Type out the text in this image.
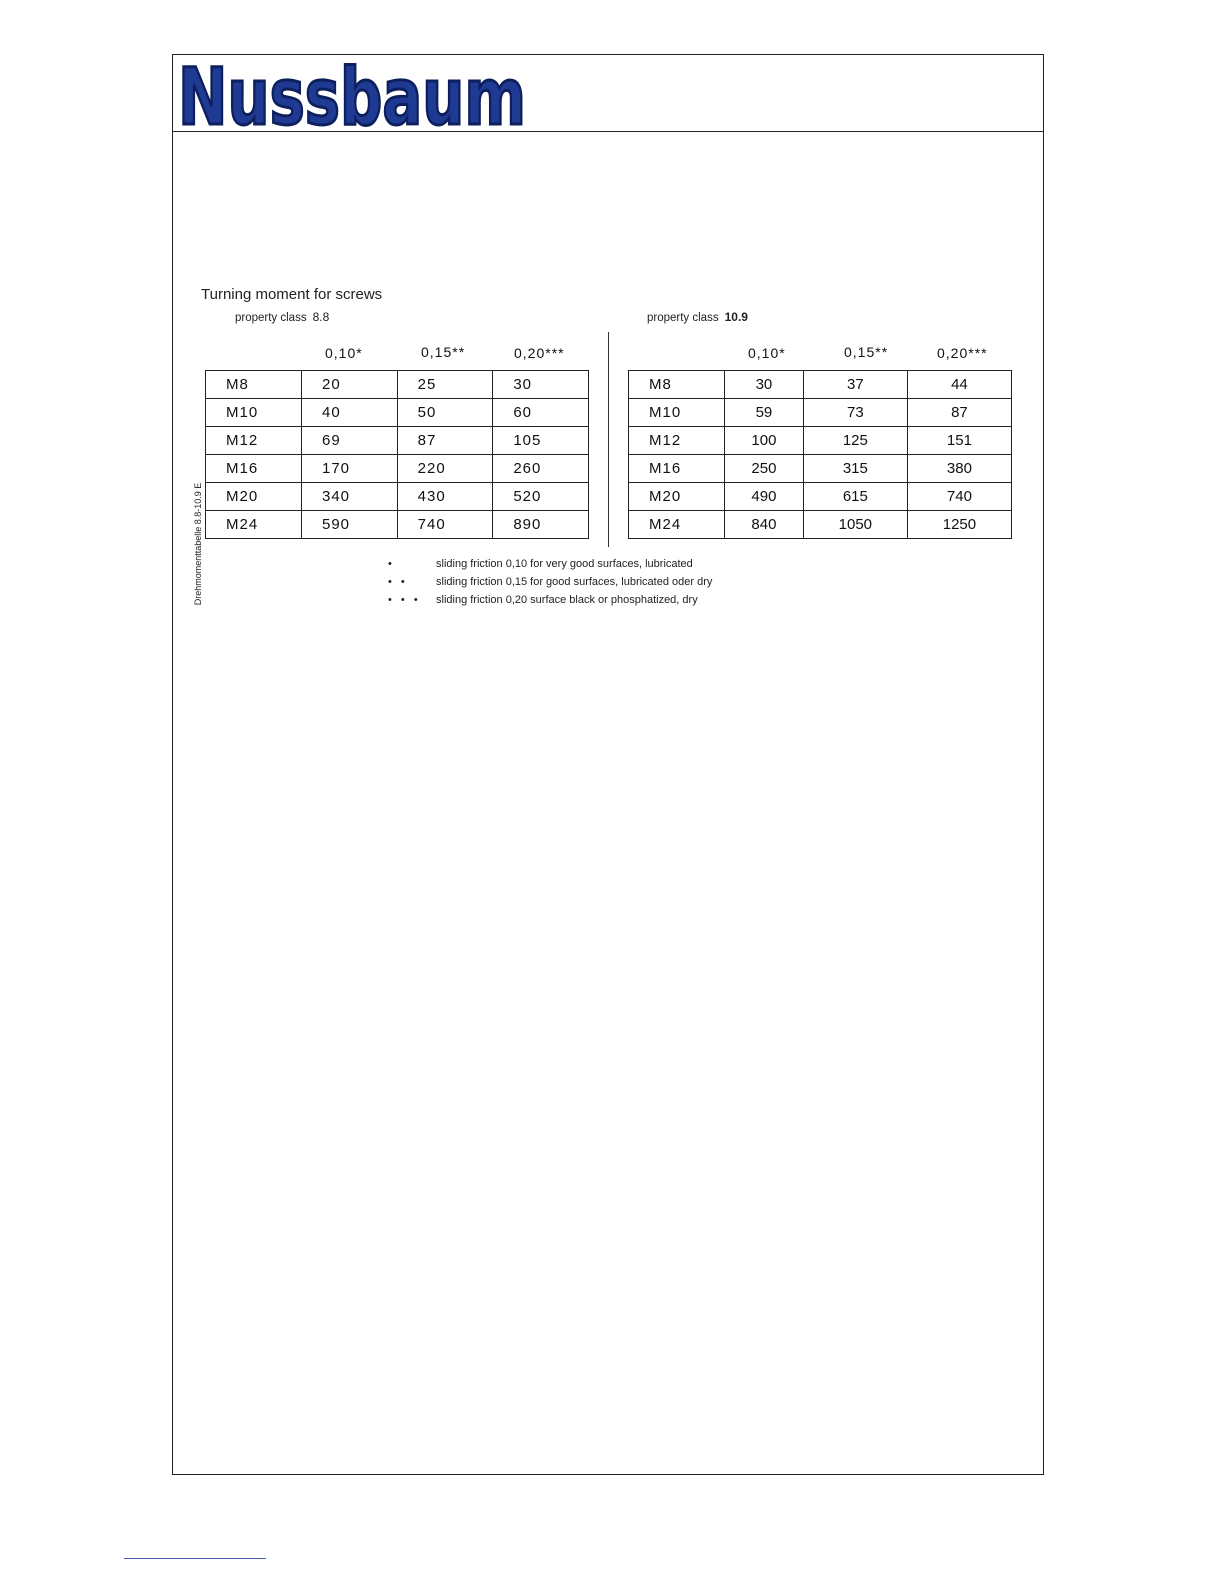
Nussbaum
Turning moment for screws
property class 8.8	property class 10.9
0,10*	0,15**	0,20***	0,10*	0,15**	0,20***
M8	20	25	30
M10	40	50	60
M12	69	87	105
M16	170	220	260
M20	340	430	520
M24	590	740	890
M8	30	37	44
M10	59	73	87
M12	100	125	151
M16	250	315	380
M20	490	615	740
M24	840	1050	1250
Drehmomenttabelle 8.8-10.9 E	•	sliding friction 0,10 for very good surfaces, lubricated
• •	sliding friction 0,15 for good surfaces, lubricated oder dry
• • • sliding friction 0,20 surface black or phosphatized, dry
